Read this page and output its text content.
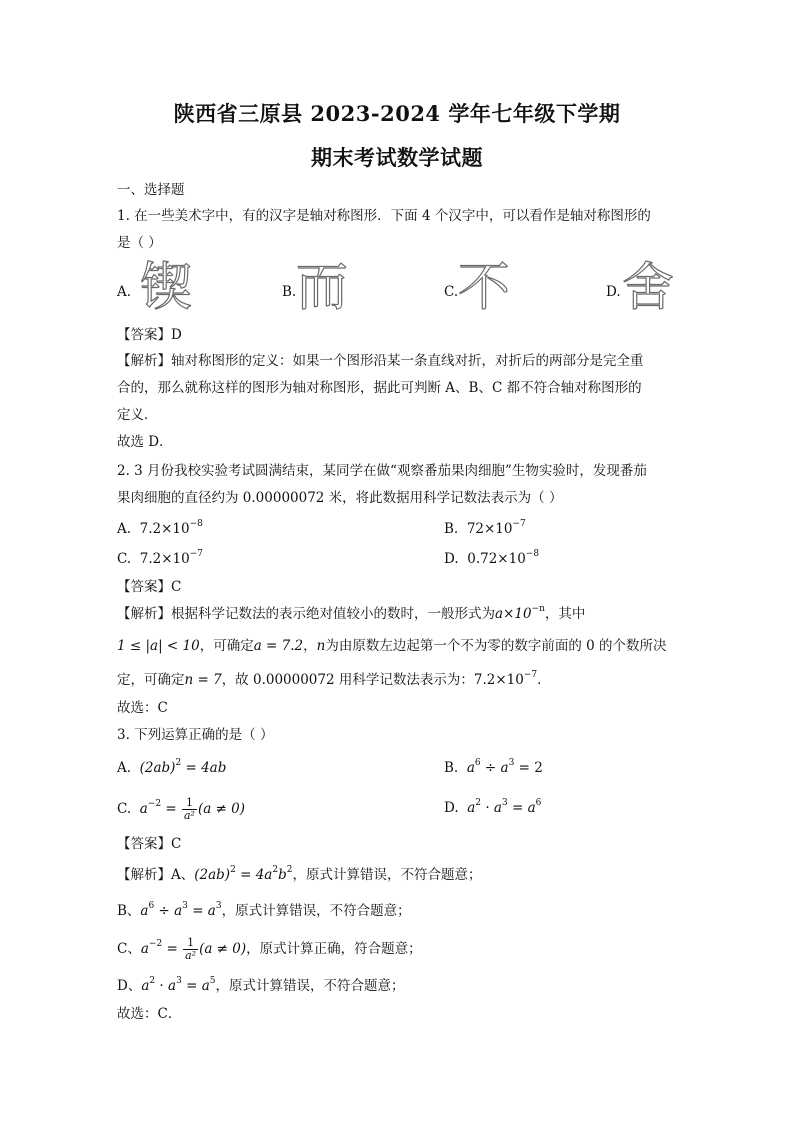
陕西省三原县 2023-2024 学年七年级下学期
期末考试数学试题
一、选择题
1. 在一些美术字中，有的汉字是轴对称图形．下面 4 个汉字中，可以看作是轴对称图形的
是（ ）
A. 锲	B. 而	C. 不	D. 舍
【答案】D
【解析】轴对称图形的定义：如果一个图形沿某一条直线对折，对折后的两部分是完全重
合的，那么就称这样的图形为轴对称图形，据此可判断 A、B、C 都不符合轴对称图形的
定义．
故选 D．
2. 3 月份我校实验考试圆满结束，某同学在做“观察番茄果肉细胞”生物实验时，发现番茄
果肉细胞的直径约为 0.00000072 米，将此数据用科学记数法表示为（ ）
A. $7.2\times 10^{-8}$	B. $72\times 10^{-7}$
C. $7.2\times 10^{-7}$	D. $0.72\times 10^{-8}$
【答案】C
【解析】根据科学记数法的表示绝对值较小的数时，一般形式为$a\times 10^{-n}$，其中
1 ≤ |a| < 10，可确定a = 7.2，n为由原数左边起第一个不为零的数字前面的 0 的个数所决
定，可确定n = 7，故 0.00000072 用科学记数法表示为：$7.2\times 10^{-7}$．
故选：C
3. 下列运算正确的是（ ）
A. $(2ab)^2 = 4ab$	B. $a^6 \div a^3 = 2$
C. $a^{-2} = \frac{1}{\text{a²}} (a \ne 0)$	D. $a^2 \cdot a^3 = a^6$
【答案】C
【解析】A、$(2ab)^2 = 4a^2b^2$，原式计算错误，不符合题意；
B、$a^6 \div a^3 = a^3$，原式计算错误，不符合题意；
C、$a^{-2} = \frac{1}{\text{a²}} (a \ne 0)$，原式计算正确，符合题意；
D、$a^2 \cdot a^3 = a^5$，原式计算错误，不符合题意；
故选：C．
